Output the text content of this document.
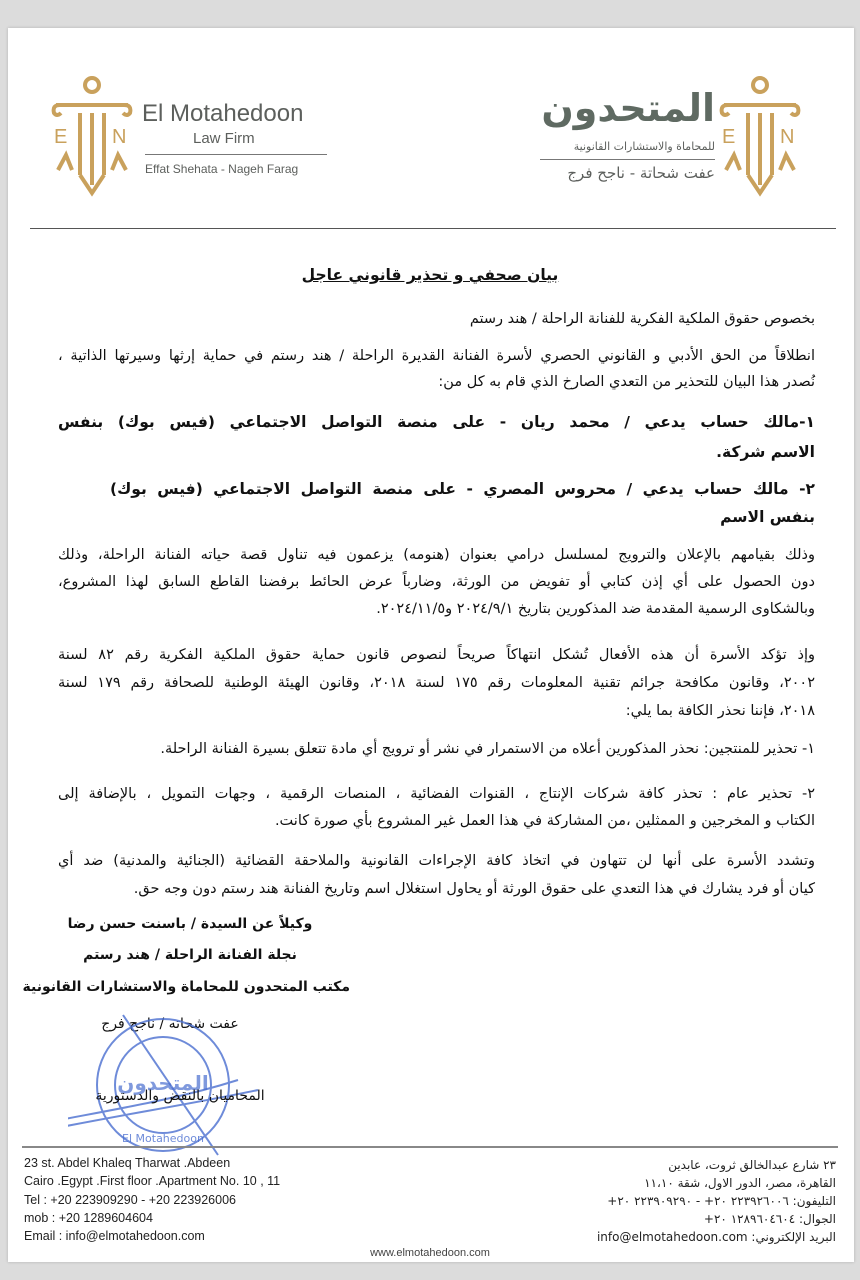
E N
El Motahedoon
Law Firm
Effat Shehata - Nageh Farag
E N
المتحدون
للمحاماة والاستشارات القانونية
عفت شحاتة - ناجح فرج
بيان صحفي و تحذير قانوني عاجل
بخصوص حقوق الملكية الفكرية للفنانة الراحلة / هند رستم
انطلاقاً من الحق الأدبي و القانوني الحصري لأسرة الفنانة القديرة الراحلة / هند رستم في حماية إرثها وسيرتها الذاتية ،
نُصدر هذا البيان للتحذير من التعدي الصارخ الذي قام به كل من:
١-مالك حساب يدعي / محمد ريان - على منصة التواصل الاجتماعي (فيس بوك) بنفس
الاسم شركة.
٢- مالك حساب يدعي / محروس المصري - على منصة التواصل الاجتماعي (فيس بوك)
بنفس الاسم
وذلك بقيامهم بالإعلان والترويج لمسلسل درامي بعنوان (هنومه) يزعمون فيه تناول قصة حياته الفنانة الراحلة، وذلك
دون الحصول على أي إذن كتابي أو تفويض من الورثة، وضارباً عرض الحائط برفضنا القاطع السابق لهذا المشروع،
وبالشكاوى الرسمية المقدمة ضد المذكورين بتاريخ ٢٠٢٤/٩/١ و٢٠٢٤/١١/٥.
وإذ تؤكد الأسرة أن هذه الأفعال تُشكل انتهاكاً صريحاً لنصوص قانون حماية حقوق الملكية الفكرية رقم ٨٢ لسنة
٢٠٠٢، وقانون مكافحة جرائم تقنية المعلومات رقم ١٧٥ لسنة ٢٠١٨، وقانون الهيئة الوطنية للصحافة رقم ١٧٩ لسنة
٢٠١٨، فإننا نحذر الكافة بما يلي:
١- تحذير للمنتجين: نحذر المذكورين أعلاه من الاستمرار في نشر أو ترويج أي مادة تتعلق بسيرة الفنانة الراحلة.
٢- تحذير عام : تحذر كافة شركات الإنتاج ، القنوات الفضائية ، المنصات الرقمية ، وجهات التمويل ، بالإضافة إلى
الكتاب و المخرجين و الممثلين ،من المشاركة في هذا العمل غير المشروع بأي صورة كانت.
وتشدد الأسرة على أنها لن تتهاون في اتخاذ كافة الإجراءات القانونية والملاحقة القضائية (الجنائية والمدنية) ضد أي
كيان أو فرد يشارك في هذا التعدي على حقوق الورثة أو يحاول استغلال اسم وتاريخ الفنانة هند رستم دون وجه حق.
وكيلاً عن السيدة / باسنت حسن رضا
نجلة الفنانة الراحلة / هند رستم
مكتب المتحدون للمحاماة والاستشارات القانونية
عفت شحاته / ناجح فرج
المتحدون
El Motahedoon
المحاميان بالنقض والدستورية
23 st. Abdel Khaleq Tharwat .Abdeen
Cairo .Egypt .First floor .Apartment No. 10 , 11
Tel : +20 223909290 - +20 223926006
mob : +20 1289604604
Email : info@elmotahedoon.com
٢٣ شارع عبدالخالق ثروت، عابدين
القاهرة، مصر، الدور الاول، شقة ١١،١٠
التليفون: ٢٢٣٩٢٦٠٠٦ ٢٠+ - ٢٢٣٩٠٩٢٩٠ ٢٠+
الجوال: ١٢٨٩٦٠٤٦٠٤ ٢٠+
البريد الإلكتروني: info@elmotahedoon.com
www.elmotahedoon.com
